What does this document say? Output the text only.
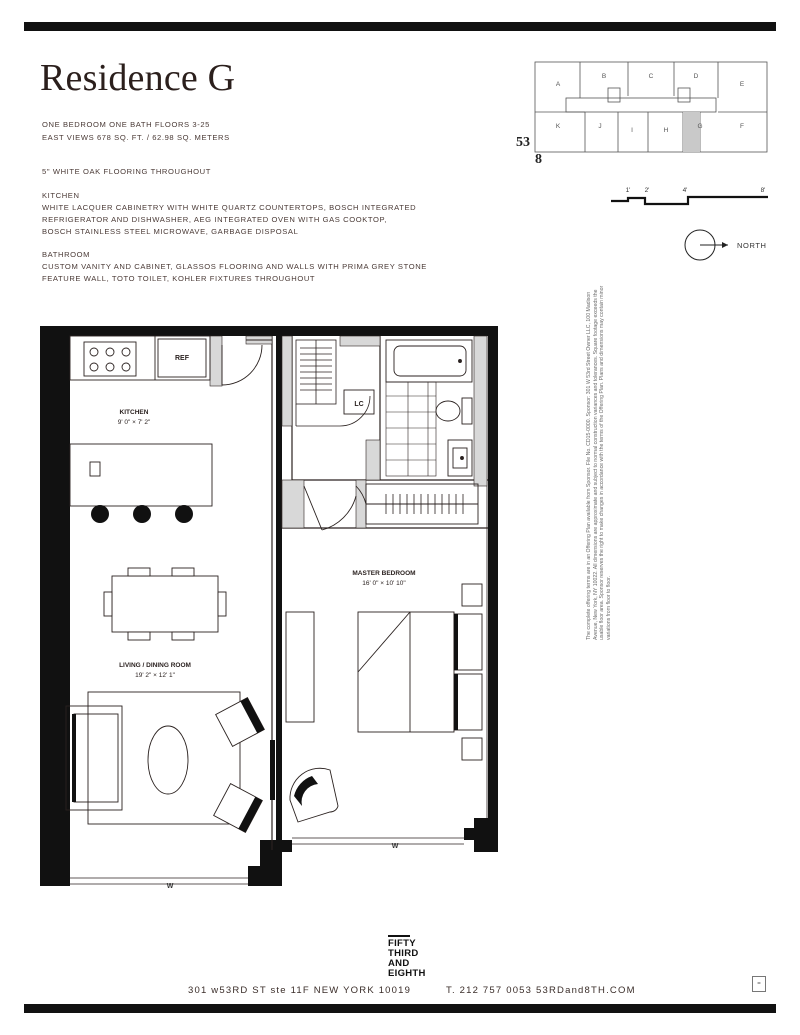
Residence G
ONE BEDROOM ONE BATH FLOORS 3-25
EAST VIEWS 678 SQ. FT. / 62.98 SQ. METERS
5" WHITE OAK FLOORING THROUGHOUT
KITCHEN
WHITE LACQUER CABINETRY WITH WHITE QUARTZ COUNTERTOPS, BOSCH INTEGRATED
REFRIGERATOR AND DISHWASHER, AEG INTEGRATED OVEN WITH GAS COOKTOP,
BOSCH STAINLESS STEEL MICROWAVE, GARBAGE DISPOSAL
BATHROOM
CUSTOM VANITY AND CABINET, GLASSOS FLOORING AND WALLS WITH PRIMA GREY STONE
FEATURE WALL, TOTO TOILET, KOHLER FIXTURES THROUGHOUT
A
B	C	D
E
K	J
I	H
G	F
53
8
1' 2'	4'	8'
NORTH
W
W
REF
KITCHEN
9' 0" × 7' 2"
LIVING / DINING ROOM
19' 2" × 12' 1"
LC
MASTER BEDROOM
16' 0" × 10' 10"	The complete offering terms are in an Offering Plan available from Sponsor. File No. CD15-0000. Sponsor: 301 W 53rd Street Owner LLC, 100 Madison Avenue, New York, NY 10022. All dimensions are approximate and subject to normal construction variances and tolerances. Square footage exceeds the usable floor area. Sponsor reserves the right to make changes in accordance with the terms of the Offering Plan. Plans and dimensions may contain minor variations from floor to floor.
FIFTY
THIRD
AND
EIGHTH
301 w53RD ST ste 11F NEW YORK 10019	T. 212 757 0053 53RDand8TH.COM
=
